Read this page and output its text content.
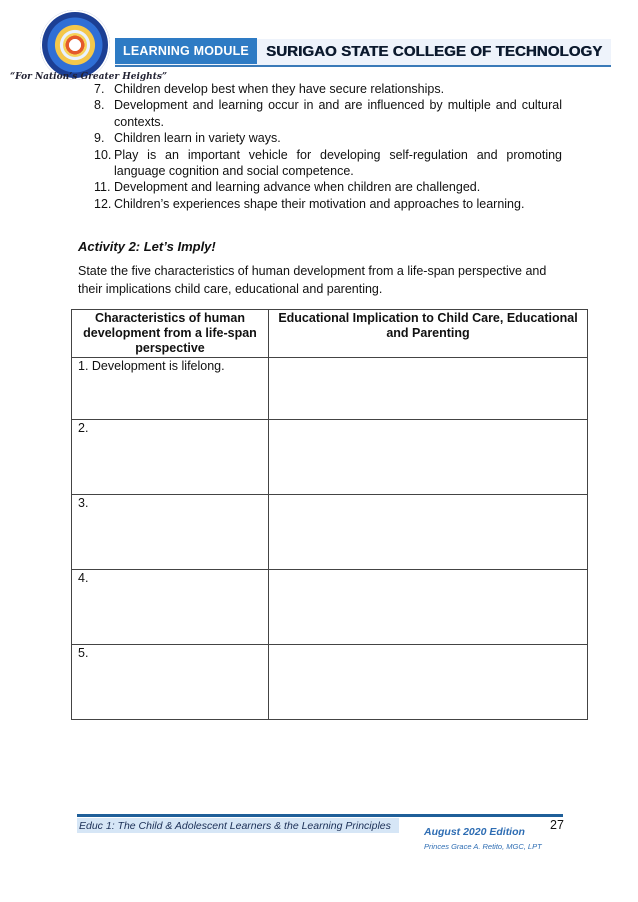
“For Nation’s Greater Heights”
LEARNING MODULE	SURIGAO STATE COLLEGE OF TECHNOLOGY
7. Children develop best when they have secure relationships.
8. Development and learning occur in and are influenced by multiple and cultural contexts.
9. Children learn in variety ways.
10. Play is an important vehicle for developing self-regulation and promoting language cognition and social competence.
11. Development and learning advance when children are challenged.
12. Children’s experiences shape their motivation and approaches to learning.
Activity 2: Let’s Imply!
State the five characteristics of human development from a life-span perspective and their implications child care, educational and parenting.
Characteristics of human development from a life-span perspective	Educational Implication to Child Care, Educational and Parenting
1. Development is lifelong.	
2.	
3.	
4.	
5.	
Educ 1: The Child & Adolescent Learners & the Learning Principles	August 2020 Edition
Princes Grace A. Retito, MGC, LPT
27
